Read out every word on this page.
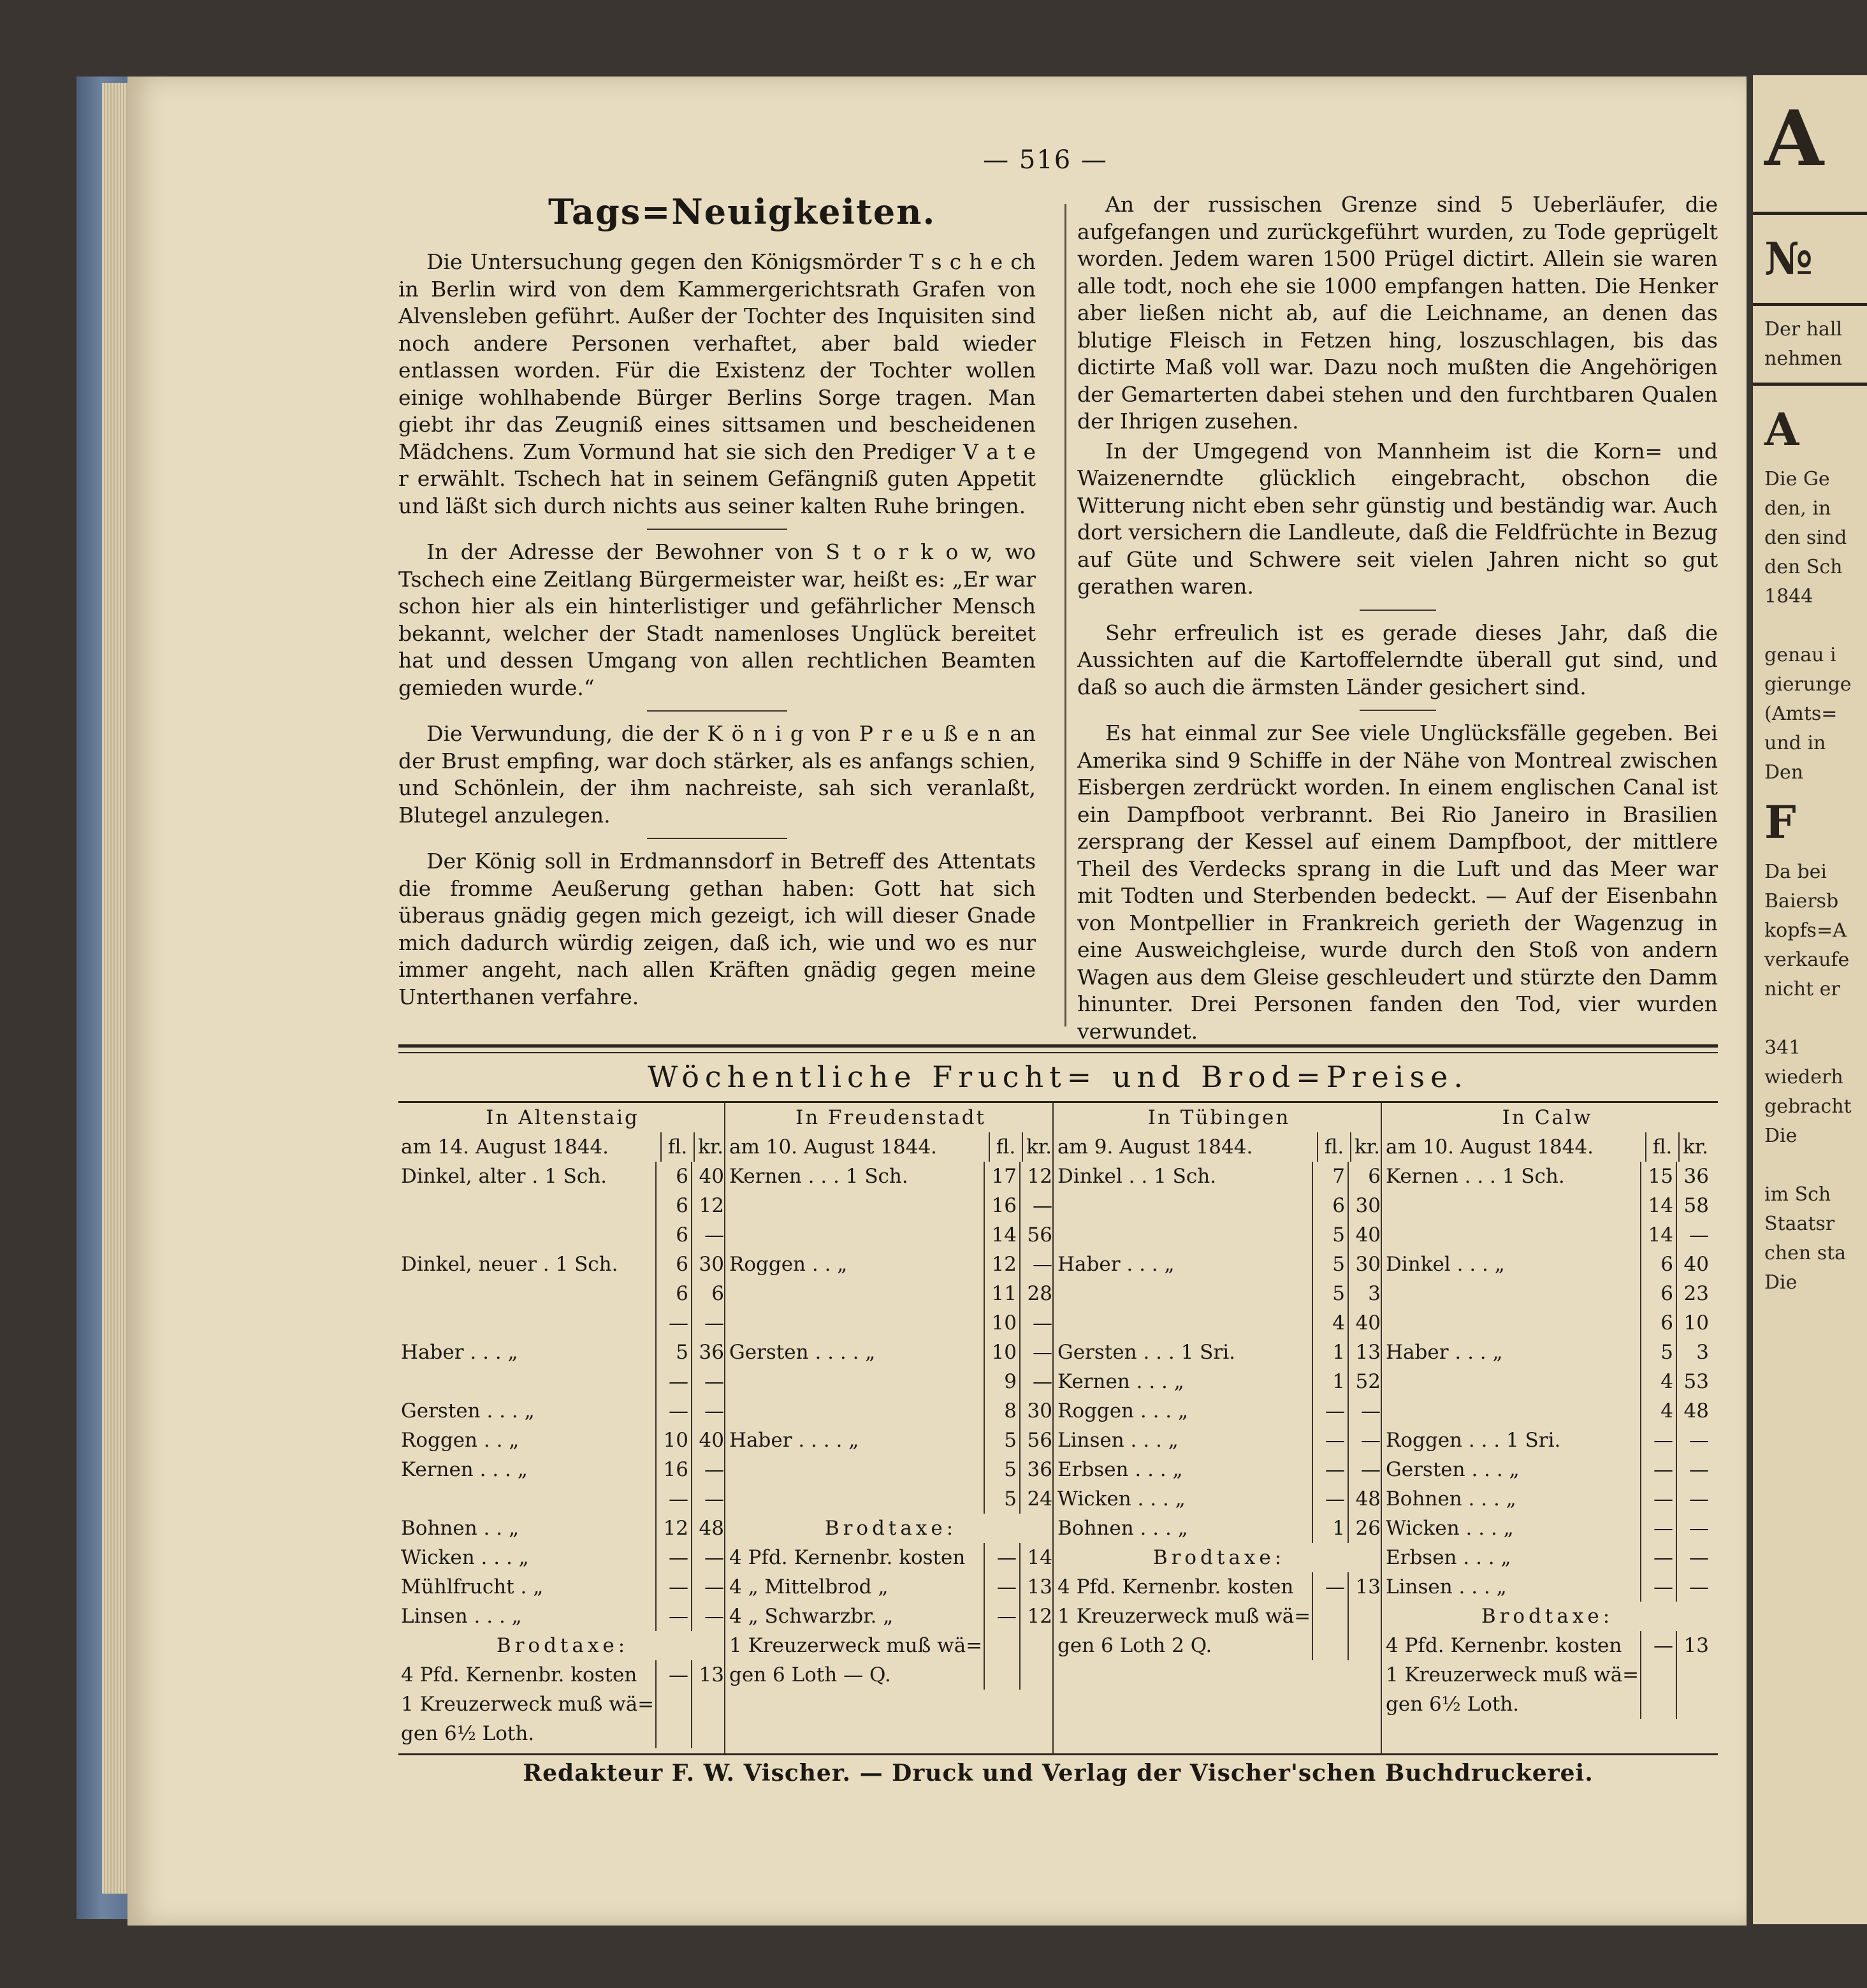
— 516 —
Tags=Neuigkeiten.

Die Untersuchung gegen den Königsmörder T s c h e ch in Berlin wird von dem Kammergerichtsrath Grafen von Alvensleben geführt. Außer der Tochter des Inquisiten sind noch andere Personen verhaftet, aber bald wieder entlassen worden. Für die Existenz der Tochter wollen einige wohlhabende Bürger Berlins Sorge tragen. Man giebt ihr das Zeugniß eines sittsamen und bescheidenen Mädchens. Zum Vormund hat sie sich den Prediger V a t e r erwählt. Tschech hat in seinem Gefängniß guten Appetit und läßt sich durch nichts aus seiner kalten Ruhe bringen.

In der Adresse der Bewohner von S t o r k o w, wo Tschech eine Zeitlang Bürgermeister war, heißt es: „Er war schon hier als ein hinterlistiger und gefährlicher Mensch bekannt, welcher der Stadt namenloses Unglück bereitet hat und dessen Umgang von allen rechtlichen Beamten gemieden wurde.“

Die Verwundung, die der K ö n i g von P r e u ß e n an der Brust empfing, war doch stärker, als es anfangs schien, und Schönlein, der ihm nachreiste, sah sich veranlaßt, Blutegel anzulegen.

Der König soll in Erdmannsdorf in Betreff des Attentats die fromme Aeußerung gethan haben: Gott hat sich überaus gnädig gegen mich gezeigt, ich will dieser Gnade mich dadurch würdig zeigen, daß ich, wie und wo es nur immer angeht, nach allen Kräften gnädig gegen meine Unterthanen verfahre.

An der russischen Grenze sind 5 Ueberläufer, die aufgefangen und zurückgeführt wurden, zu Tode geprügelt worden. Jedem waren 1500 Prügel dictirt. Allein sie waren alle todt, noch ehe sie 1000 empfangen hatten. Die Henker aber ließen nicht ab, auf die Leichname, an denen das blutige Fleisch in Fetzen hing, loszuschlagen, bis das dictirte Maß voll war. Dazu noch mußten die Angehörigen der Gemarterten dabei stehen und den furchtbaren Qualen der Ihrigen zusehen.

In der Umgegend von Mannheim ist die Korn= und Waizenerndte glücklich eingebracht, obschon die Witterung nicht eben sehr günstig und beständig war. Auch dort versichern die Landleute, daß die Feldfrüchte in Bezug auf Güte und Schwere seit vielen Jahren nicht so gut gerathen waren.

Sehr erfreulich ist es gerade dieses Jahr, daß die Aussichten auf die Kartoffelerndte überall gut sind, und daß so auch die ärmsten Länder gesichert sind.

Es hat einmal zur See viele Unglücksfälle gegeben. Bei Amerika sind 9 Schiffe in der Nähe von Montreal zwischen Eisbergen zerdrückt worden. In einem englischen Canal ist ein Dampfboot verbrannt. Bei Rio Janeiro in Brasilien zersprang der Kessel auf einem Dampfboot, der mittlere Theil des Verdecks sprang in die Luft und das Meer war mit Todten und Sterbenden bedeckt. — Auf der Eisenbahn von Montpellier in Frankreich gerieth der Wagenzug in eine Ausweichgleise, wurde durch den Stoß von andern Wagen aus dem Gleise geschleudert und stürzte den Damm hinunter. Drei Personen fanden den Tod, vier wurden verwundet.

Wöchentliche Frucht= und Brod=Preise.
In Altenstaig
am 14. August 1844.	fl. kr.
Dinkel, alter . 1 Sch.	6 40
6 12
6 —
Dinkel, neuer . 1 Sch.	6 30
6	6
— —
Haber . . . „	5 36
— —
Gersten . . . „	— —
Roggen . . „	10 40
Kernen . . . „	16 —
— —
Bohnen . . „	12 48
Wicken . . . „	— —
Mühlfrucht . „	— —
Linsen . . . „	— —
Brodtaxe:
4 Pfd. Kernenbr. kosten	— 13
1 Kreuzerweck muß wä=
gen 6½ Loth.
In Freudenstadt
am 10. August 1844.	fl. kr.
Kernen . . . 1 Sch.	17 12
16 —
14 56
Roggen . . „	12 —
11 28
10 —
Gersten . . . . „	10 —
9 —
8 30
Haber . . . . „	5 56
5 36
5 24
Brodtaxe:
4 Pfd. Kernenbr. kosten	— 14
4 „ Mittelbrod „	— 13
4 „ Schwarzbr. „	— 12
1 Kreuzerweck muß wä=
gen 6 Loth — Q.
In Tübingen
am 9. August 1844.	fl. kr.
Dinkel . . 1 Sch.	7	6
6 30
5 40
Haber . . . „	5 30
5	3
4 40
Gersten . . . 1 Sri.	1 13
Kernen . . . „	1 52
Roggen . . . „	— —
Linsen . . . „	— —
Erbsen . . . „	— —
Wicken . . . „	— 48
Bohnen . . . „	1 26
Brodtaxe:
4 Pfd. Kernenbr. kosten	— 13
1 Kreuzerweck muß wä=
gen 6 Loth 2 Q.
In Calw
am 10. August 1844.	fl. kr.
Kernen . . . 1 Sch.	15 36
14 58
14 —
Dinkel . . . „	6 40
6 23
6 10
Haber . . . „	5	3
4 53
4 48
Roggen . . . 1 Sri.	— —
Gersten . . . „	— —
Bohnen . . . „	— —
Wicken . . . „	— —
Erbsen . . . „	— —
Linsen . . . „	— —
Brodtaxe:
4 Pfd. Kernenbr. kosten	— 13
1 Kreuzerweck muß wä=
gen 6½ Loth.
Redakteur F. W. Vischer. — Druck und Verlag der Vischer'schen Buchdruckerei.
A
№
Der hall
nehmen
A
Die Ge
den, in
den sind
den Sch
1844

genau i
gierunge
(Amts=
und in
Den
F
Da bei
Baiersb
kopfs=A
verkaufe
nicht er

341
wiederh
gebracht
Die

im Sch
Staatsr
chen sta
Die
